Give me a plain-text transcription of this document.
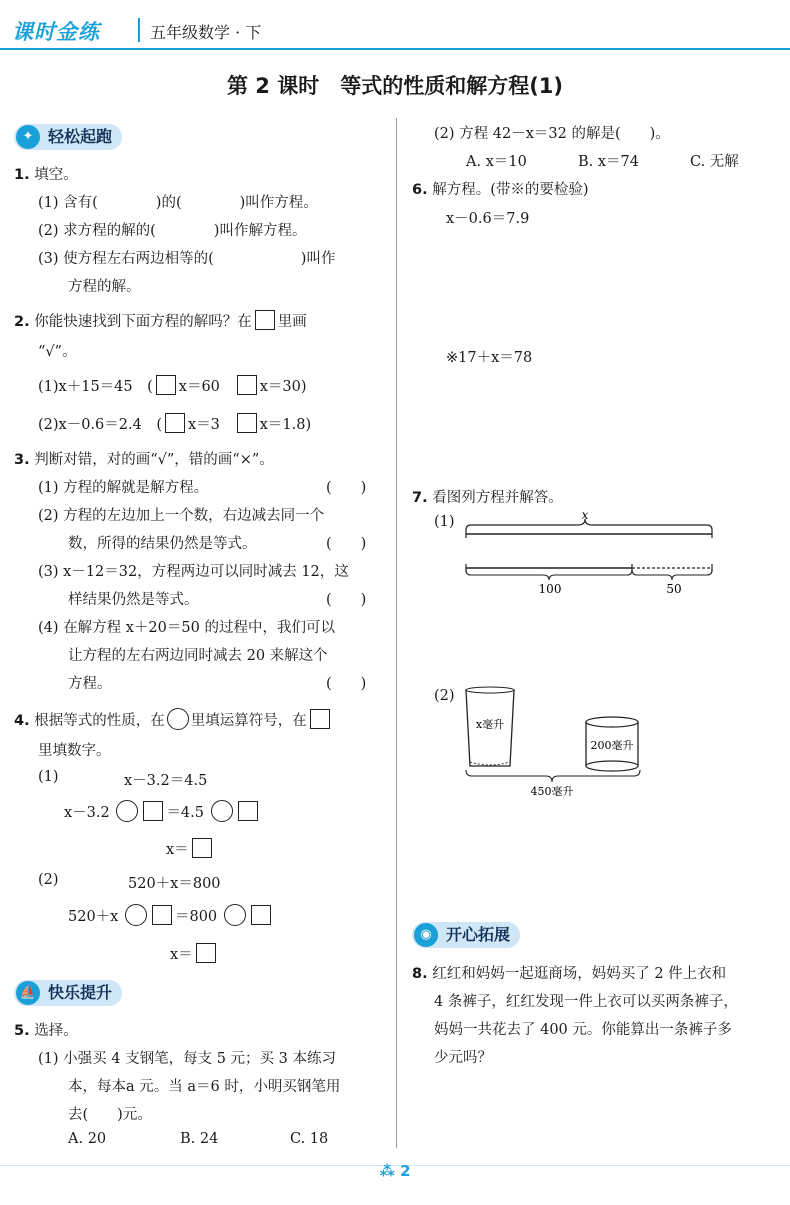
课时金练	五年级数学 · 下
第 2 课时　等式的性质和解方程(1)
✦ 轻松起跑
1. 填空。
(1) 含有(　　　　)的(　　　　)叫作方程。
(2) 求方程的解的(　　　　)叫作解方程。
(3) 使方程左右两边相等的(　　　　　　)叫作
方程的解。
2. 你能快速找到下面方程的解吗？在 里画
“√”。
(1)x＋15＝45　( x＝60	x＝30)
(2)x－0.6＝2.4　( x＝3	x＝1.8)
3. 判断对错，对的画“√”，错的画“×”。
(1) 方程的解就是解方程。	(　　)
(2) 方程的左边加上一个数，右边减去同一个
数，所得的结果仍然是等式。	(　　)
(3) x－12＝32，方程两边可以同时减去 12，这
样结果仍然是等式。	(　　)
(4) 在解方程 x＋20＝50 的过程中，我们可以
让方程的左右两边同时减去 20 来解这个
方程。	(　　)
4. 根据等式的性质，在 里填运算符号，在
里填数字。
(1)	x－3.2＝4.5
x－3.2	＝4.5
x＝
(2)	520＋x＝800
520＋x	＝800
x＝
⛵ 快乐提升
5. 选择。
(1) 小强买 4 支钢笔，每支 5 元；买 3 本练习
本，每本a 元。当 a＝6 时，小明买钢笔用
去(　　)元。
A. 20	B. 24	C. 18
(2) 方程 42－x＝32 的解是(　　)。
A. x＝10	B. x＝74	C. 无解
6. 解方程。(带※的要检验)
x－0.6＝7.9
※17＋x＝78
7. 看图列方程并解答。
(1)	x
100	50
(2)
x毫升
200毫升
450毫升
◉ 开心拓展
8. 红红和妈妈一起逛商场，妈妈买了 2 件上衣和
4 条裤子，红红发现一件上衣可以买两条裤子，
妈妈一共花去了 400 元。你能算出一条裤子多
少元吗？
⁂ 2
